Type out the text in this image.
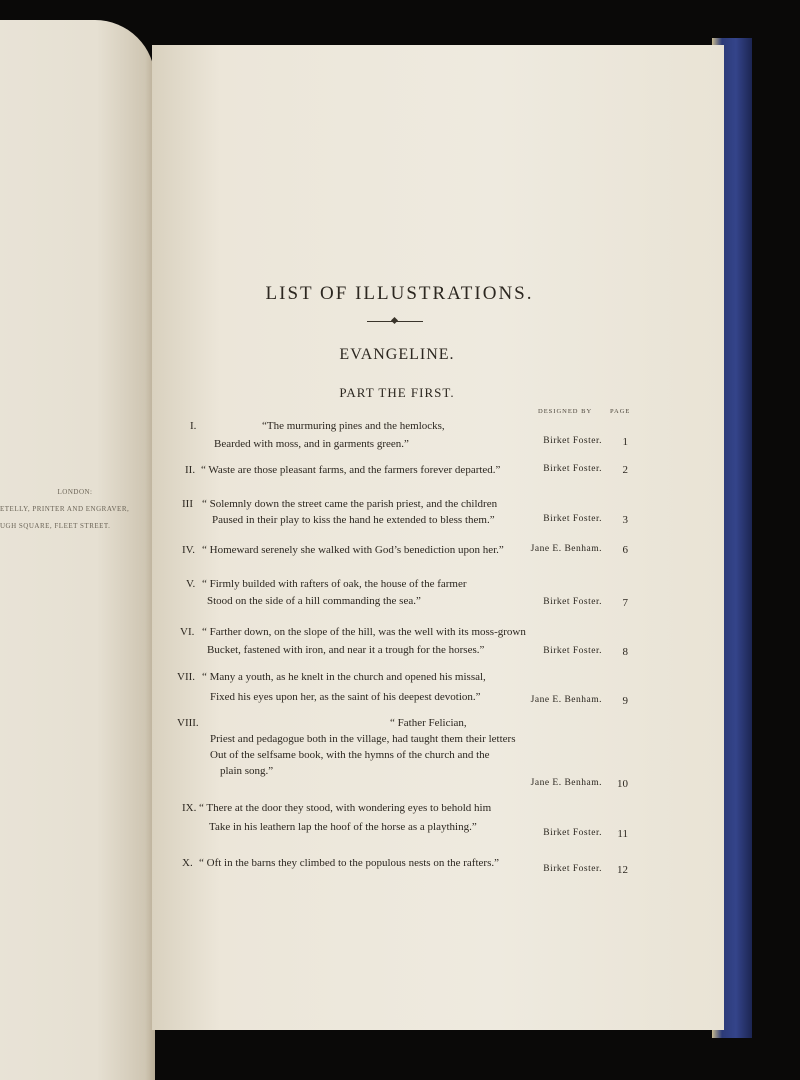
LONDON:
ETELLY, PRINTER AND ENGRAVER,
UGH SQUARE, FLEET STREET.
LIST OF ILLUSTRATIONS.
EVANGELINE.
PART THE FIRST.
DESIGNED BY	PAGE
I.	“The murmuring pines and the hemlocks,
Bearded with moss, and in garments green.”	Birket Foster. 1
II. “ Waste are those pleasant farms, and the farmers forever departed.”	Birket Foster. 2
III “ Solemnly down the street came the parish priest, and the children
Paused in their play to kiss the hand he extended to bless them.”	Birket Foster. 3
IV. “ Homeward serenely she walked with God’s benediction upon her.”	Jane E. Benham. 6
V. “ Firmly builded with rafters of oak, the house of the farmer
Stood on the side of a hill commanding the sea.”	Birket Foster. 7
VI. “ Farther down, on the slope of the hill, was the well with its moss-grown
Bucket, fastened with iron, and near it a trough for the horses.”	Birket Foster. 8
VII. “ Many a youth, as he knelt in the church and opened his missal,
Fixed his eyes upon her, as the saint of his deepest devotion.”	Jane E. Benham. 9
VIII.	“ Father Felician,
Priest and pedagogue both in the village, had taught them their letters
Out of the selfsame book, with the hymns of the church and the
plain song.”
Jane E. Benham. 10
IX. “ There at the door they stood, with wondering eyes to behold him
Take in his leathern lap the hoof of the horse as a plaything.”	Birket Foster. 11
X. “ Oft in the barns they climbed to the populous nests on the rafters.”	Birket Foster. 12
